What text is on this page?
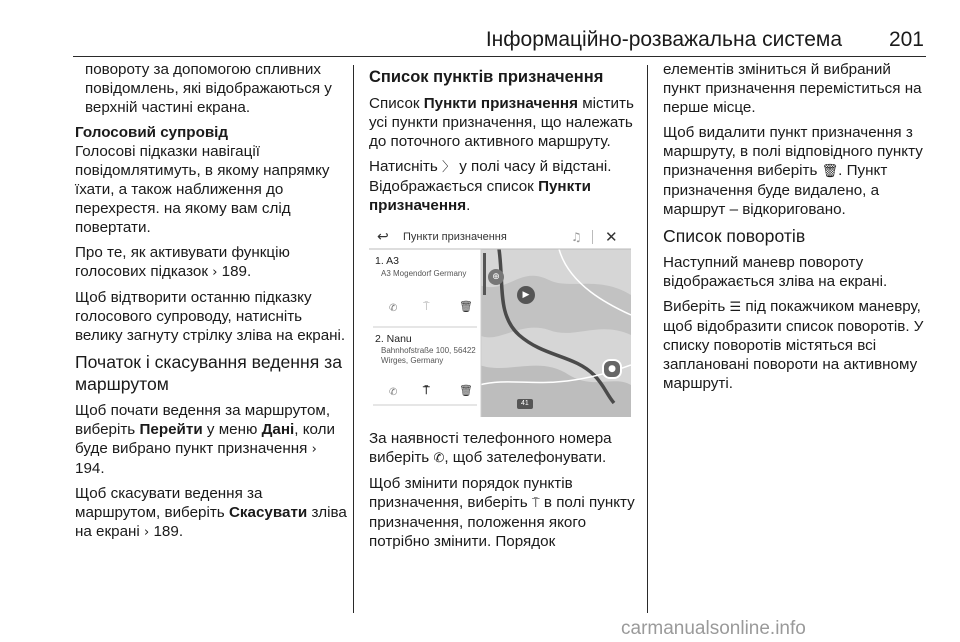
Інформаційно-розважальна система 201

повороту за допомогою спливних повідомлень, які відображаються у верхній частині екрана.

Голосовий супровід

Голосові підказки навігації повідомлятимуть, в якому напрямку їхати, а також наближення до перехрестя. на якому вам слід повертати.

Про те, як активувати функцію голосових підказок › 189.

Щоб відтворити останню підказку голосового супроводу, натисніть велику загнуту стрілку зліва на екрані.

Початок і скасування ведення за маршрутом

Щоб почати ведення за маршрутом, виберіть Перейти у меню Дані, коли буде вибрано пункт призначення › 194.

Щоб скасувати ведення за маршрутом, виберіть Скасувати зліва на екрані › 189.

Список пунктів призначення

Список Пункти призначення містить усі пункти призначення, що належать до поточного активного маршруту.

Натисніть 〉 у полі часу й відстані. Відображається список Пункти призначення.

↩ Пункти призначення	♫ ✕
1. A3
A3 Mogendorf Germany
✆ ⍑	🗑
2. Nanu
Bahnhofstraße 100, 56422
Wirges, Germany
✆ ⍑	🗑
⊕
▶
●
41

За наявності телефонного номера виберіть ✆, щоб зателефонувати.

Щоб змінити порядок пунктів призначення, виберіть ⍑ в полі пункту призначення, положення якого потрібно змінити. Порядок

елементів зміниться й вибраний пункт призначення переміститься на перше місце.

Щоб видалити пункт призначення з маршруту, в полі відповідного пункту призначення виберіть 🗑. Пункт призначення буде видалено, а маршрут – відкориговано.

Список поворотів

Наступний маневр повороту відображається зліва на екрані.

Виберіть ☰ під покажчиком маневру, щоб відобразити список поворотів. У списку поворотів містяться всі заплановані повороти на активному маршруті.

carmanualsonline.info
